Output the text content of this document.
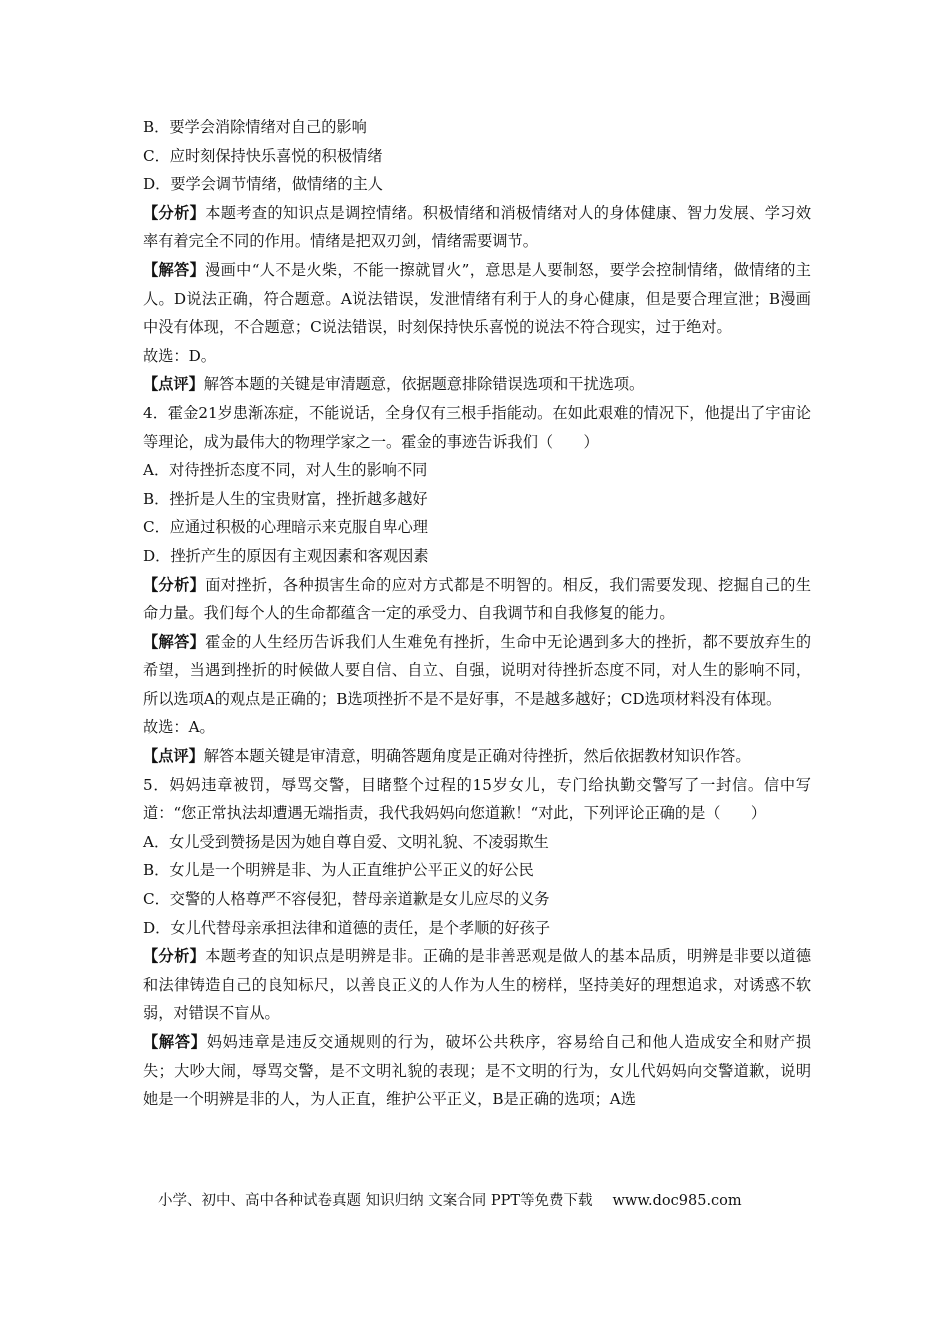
B．要学会消除情绪对自己的影响
C．应时刻保持快乐喜悦的积极情绪
D．要学会调节情绪，做情绪的主人
【分析】本题考查的知识点是调控情绪。积极情绪和消极情绪对人的身体健康、智力发展、学习效率有着完全不同的作用。情绪是把双刃剑，情绪需要调节。
【解答】漫画中“人不是火柴，不能一擦就冒火”，意思是人要制怒，要学会控制情绪，做情绪的主人。D说法正确，符合题意。A说法错误，发泄情绪有利于人的身心健康，但是要合理宣泄；B漫画中没有体现，不合题意；C说法错误，时刻保持快乐喜悦的说法不符合现实，过于绝对。
故选：D。
【点评】解答本题的关键是审清题意，依据题意排除错误选项和干扰选项。
4．霍金21岁患渐冻症，不能说话，全身仅有三根手指能动。在如此艰难的情况下，他提出了宇宙论等理论，成为最伟大的物理学家之一。霍金的事迹告诉我们（　　）
A．对待挫折态度不同，对人生的影响不同
B．挫折是人生的宝贵财富，挫折越多越好
C．应通过积极的心理暗示来克服自卑心理
D．挫折产生的原因有主观因素和客观因素
【分析】面对挫折，各种损害生命的应对方式都是不明智的。相反，我们需要发现、挖掘自己的生命力量。我们每个人的生命都蕴含一定的承受力、自我调节和自我修复的能力。
【解答】霍金的人生经历告诉我们人生难免有挫折，生命中无论遇到多大的挫折，都不要放弃生的希望，当遇到挫折的时候做人要自信、自立、自强，说明对待挫折态度不同，对人生的影响不同，所以选项A的观点是正确的；B选项挫折不是不是好事，不是越多越好；CD选项材料没有体现。
故选：A。
【点评】解答本题关键是审清意，明确答题角度是正确对待挫折，然后依据教材知识作答。
5．妈妈违章被罚，辱骂交警，目睹整个过程的15岁女儿，专门给执勤交警写了一封信。信中写道：“您正常执法却遭遇无端指责，我代我妈妈向您道歉！“对此，下列评论正确的是（　　）
A．女儿受到赞扬是因为她自尊自爱、文明礼貌、不凌弱欺生
B．女儿是一个明辨是非、为人正直维护公平正义的好公民
C．交警的人格尊严不容侵犯，替母亲道歉是女儿应尽的义务
D．女儿代替母亲承担法律和道德的责任，是个孝顺的好孩子
【分析】本题考查的知识点是明辨是非。正确的是非善恶观是做人的基本品质，明辨是非要以道德和法律铸造自己的良知标尺，以善良正义的人作为人生的榜样，坚持美好的理想追求，对诱惑不软弱，对错误不盲从。
【解答】妈妈违章是违反交通规则的行为，破坏公共秩序，容易给自己和他人造成安全和财产损失；大吵大闹，辱骂交警，是不文明礼貌的表现；是不文明的行为，女儿代妈妈向交警道歉，说明她是一个明辨是非的人，为人正直，维护公平正义，B是正确的选项；A选
小学、初中、高中各种试卷真题 知识归纳 文案合同 PPT等免费下载 www.doc985.com
